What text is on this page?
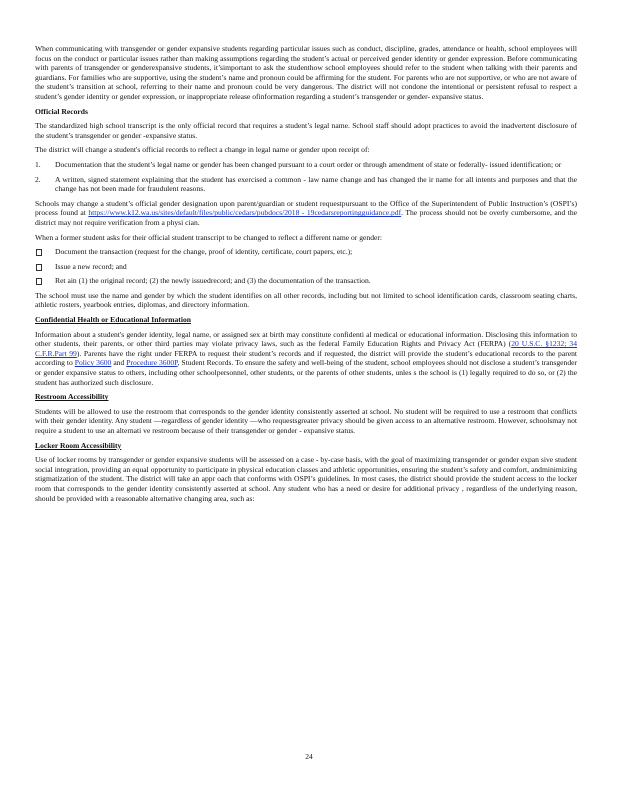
When communicating with transgender or gender expansive students regarding particular issues such as conduct, discipline, grades, attendance or health, school employees will focus on the conduct or particular issues rather than making assumptions regarding the student’s actual or perceived gender identity or gender expression. Before communicating with parents of transgender or genderexpansive students, it’simportant to ask the studenthow school employees should refer to the student when talking with their parents and guardians. For families who are supportive, using the student’s name and pronoun could be affirming for the student. For parents who are not supportive, or who are not aware of the student’s transition at school, referring to their name and pronoun could be very dangerous. The district will not condone the intentional or persistent refusal to respect a student’s gender identity or gender expression, or inappropriate release ofinformation regarding a student’s transgender or gender- expansive status.

Official Records

The standardized high school transcript is the only official record that requires a student’s legal name. School staff should adopt practices to avoid the inadvertent disclosure of the student’s transgender or gender -expansive status.

The district will change a student's official records to reflect a change in legal name or gender upon receipt of:

1. Documentation that the student’s legal name or gender has been changed pursuant to a court order or through amendment of state or federally- issued identification; or
2. A written, signed statement explaining that the student has exercised a common - law name change and has changed the ir name for all intents and purposes and that the change has not been made for fraudulent reasons.

Schools may change a student’s official gender designation upon parent/guardian or student requestpursuant to the Office of the Superintendent of Public Instruction’s (OSPI’s) process found at https://www.k12.wa.us/sites/default/files/public/cedars/pubdocs/2018 - 19cedarsreportingguidance.pdf. The process should not be overly cumbersome, and the district may not require verification from a physi cian.

When a former student asks for their official student transcript to be changed to reflect a different name or gender:

Document the transaction (request for the change, proof of identity, certificate, court papers, etc.);
Issue a new record; and
Ret ain (1) the original record; (2) the newly issuedrecord; and (3) the documentation of the transaction.

The school must use the name and gender by which the student identifies on all other records, including but not limited to school identification cards, classroom seating charts, athletic rosters, yearbook entries, diplomas, and directory information.

Confidential Health or Educational Information

Information about a student's gender identity, legal name, or assigned sex at birth may constitute confidenti al medical or educational information. Disclosing this information to other students, their parents, or other third parties may violate privacy laws, such as the federal Family Education Rights and Privacy Act (FERPA) (20 U.S.C. §1232; 34 C.F.R.Part 99). Parents have the right under FERPA to request their student’s records and if requested, the district will provide the student’s educational records to the parent according to Policy 3600 and Procedure 3600P, Student Records. To ensure the safety and well-being of the student, school employees should not disclose a student’s transgender or gender expansive status to others, including other schoolpersonnel, other students, or the parents of other students, unles s the school is (1) legally required to do so, or (2) the student has authorized such disclosure.

Restroom Accessibility

Students will be allowed to use the restroom that corresponds to the gender identity consistently asserted at school. No student will be required to use a restroom that conflicts with their gender identity. Any student —regardless of gender identity —who requestsgreater privacy should be given access to an alternative restroom. However, schoolsmay not require a student to use an alternati ve restroom because of their transgender or gender - expansive status.

Locker Room Accessibility

Use of locker rooms by transgender or gender expansive students will be assessed on a case - by-case basis, with the goal of maximizing transgender or gender expan sive student social integration, providing an equal opportunity to participate in physical education classes and athletic opportunities, ensuring the student’s safety and comfort, andminimizing stigmatization of the student. The district will take an appr oach that conforms with OSPI’s guidelines. In most cases, the district should provide the student access to the locker room that corresponds to the gender identity consistently asserted at school. Any student who has a need or desire for additional privacy , regardless of the underlying reason, should be provided with a reasonable alternative changing area, such as:

24
